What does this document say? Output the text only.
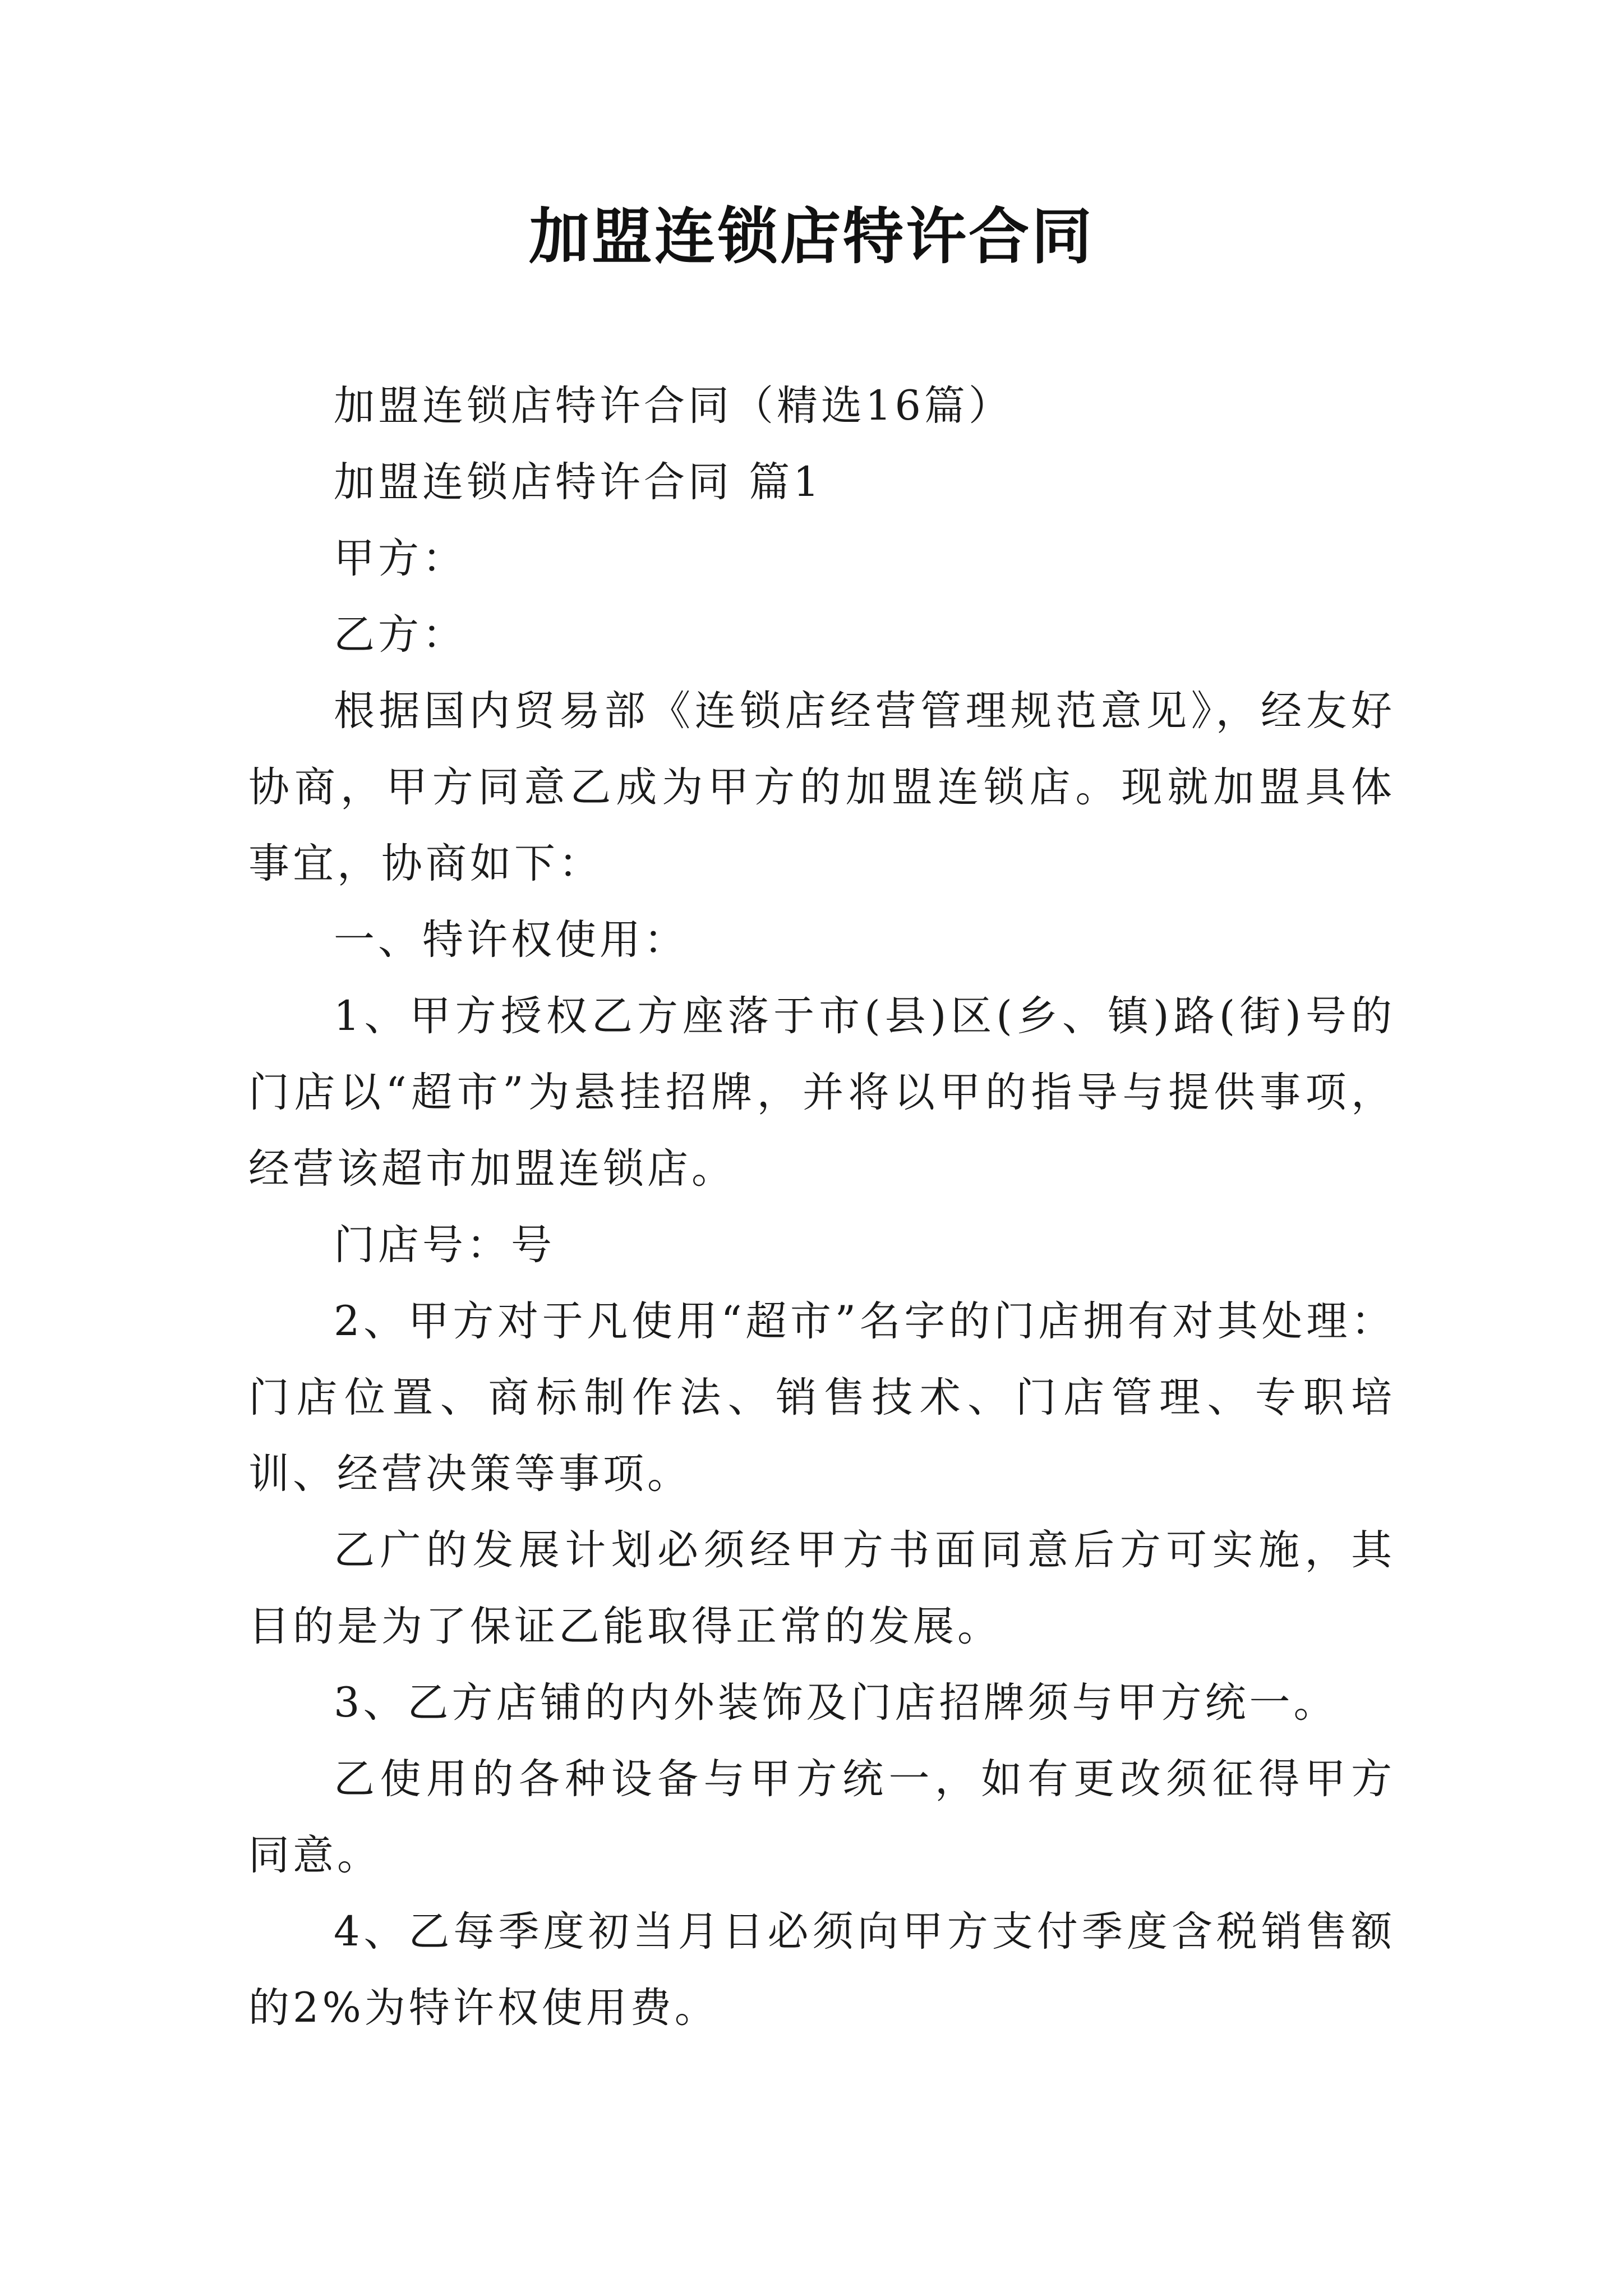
加盟连锁店特许合同

加盟连锁店特许合同（精选16篇）

加盟连锁店特许合同 篇1

甲方：

乙方：

根据国内贸易部《连锁店经营管理规范意见》，经友好协商，甲方同意乙成为甲方的加盟连锁店。现就加盟具体事宜，协商如下：

一、特许权使用：

1、甲方授权乙方座落于市(县)区(乡、镇)路(街)号的门店以“超市”为悬挂招牌，并将以甲的指导与提供事项，经营该超市加盟连锁店。

门店号：号

2、甲方对于凡使用“超市”名字的门店拥有对其处理：门店位置、商标制作法、销售技术、门店管理、专职培训、经营决策等事项。

乙广的发展计划必须经甲方书面同意后方可实施，其目的是为了保证乙能取得正常的发展。

3、乙方店铺的内外装饰及门店招牌须与甲方统一。

乙使用的各种设备与甲方统一，如有更改须征得甲方同意。

4、乙每季度初当月日必须向甲方支付季度含税销售额的2%为特许权使用费。
